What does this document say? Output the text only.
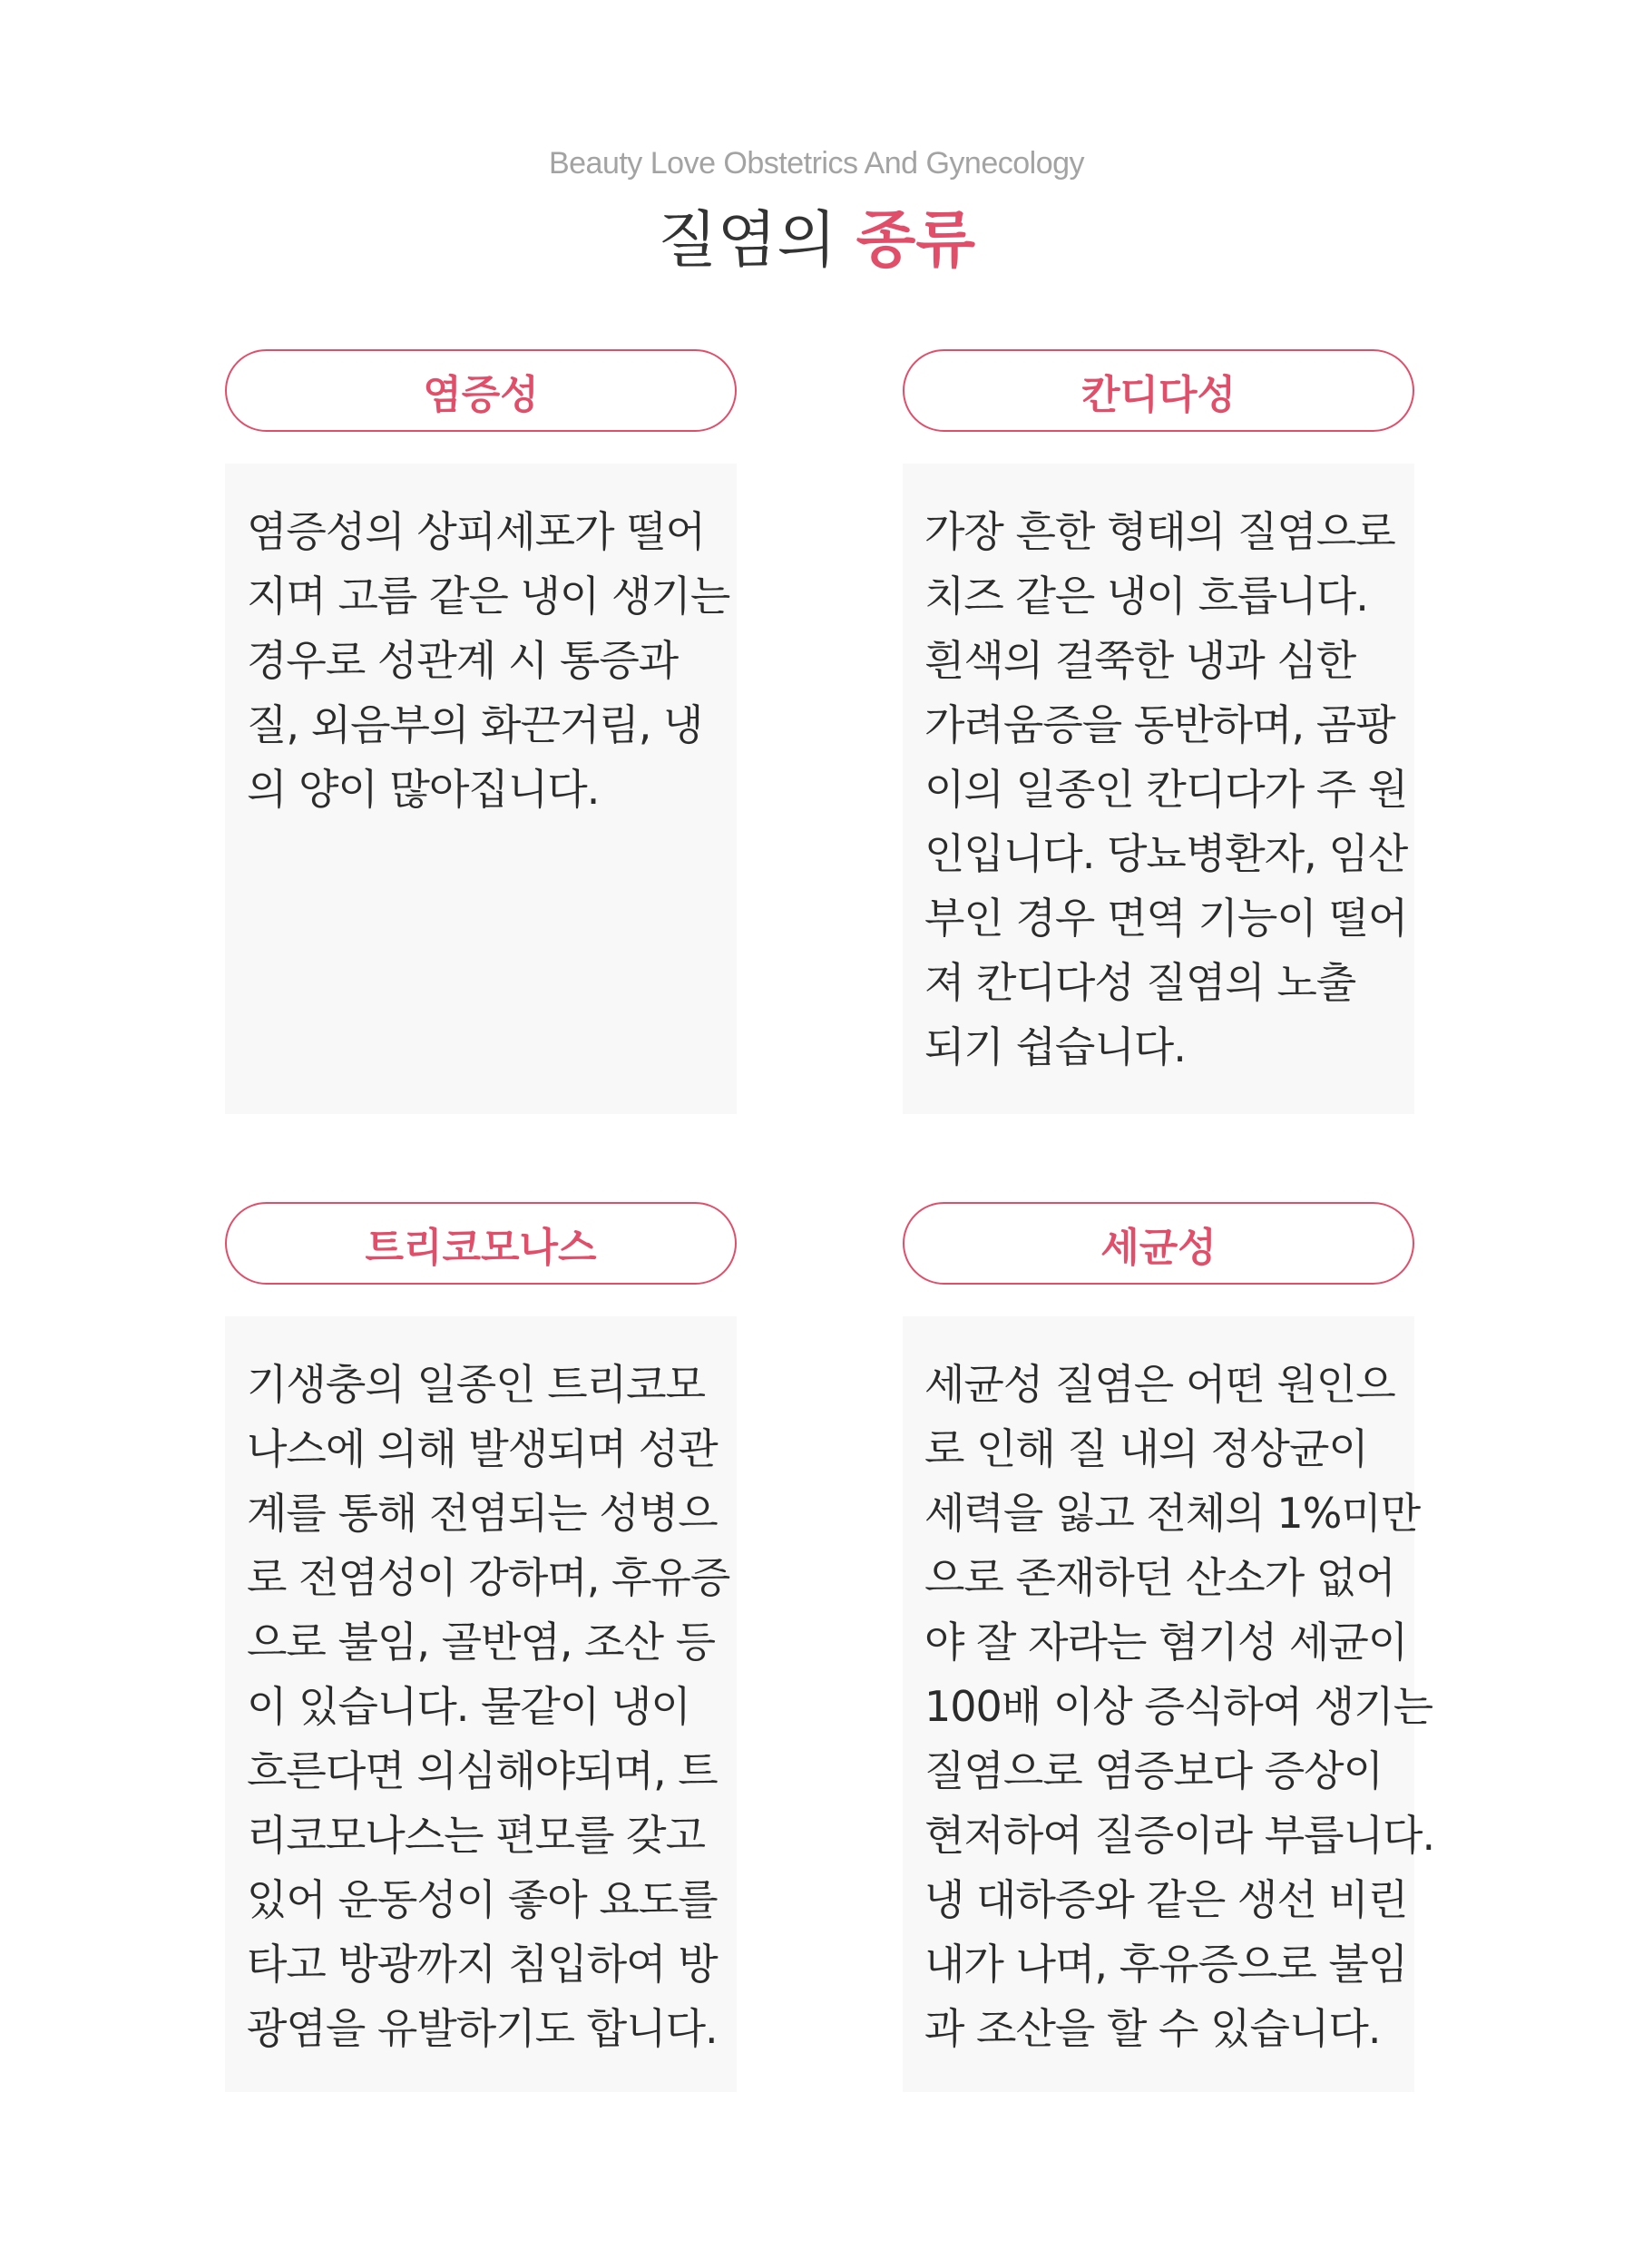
Beauty Love Obstetrics And Gynecology
질염의 종류
염증성
염증성의 상피세포가 떨어
지며 고름 같은 냉이 생기는
경우로 성관계 시 통증과
질, 외음부의 화끈거림, 냉
의 양이 많아집니다.
칸디다성
가장 흔한 형태의 질염으로
치즈 같은 냉이 흐릅니다.
흰색의 걸쭉한 냉과 심한
가려움증을 동반하며, 곰팡
이의 일종인 칸디다가 주 원
인입니다. 당뇨병환자, 임산
부인 경우 면역 기능이 떨어
져 칸디다성 질염의 노출
되기 쉽습니다.
트리코모나스
기생충의 일종인 트리코모
나스에 의해 발생되며 성관
계를 통해 전염되는 성병으
로 전염성이 강하며, 후유증
으로 불임, 골반염, 조산 등
이 있습니다. 물같이 냉이
흐른다면 의심해야되며, 트
리코모나스는 편모를 갖고
있어 운동성이 좋아 요도를
타고 방광까지 침입하여 방
광염을 유발하기도 합니다.
세균성
세균성 질염은 어떤 원인으
로 인해 질 내의 정상균이
세력을 잃고 전체의 1%미만
으로 존재하던 산소가 없어
야 잘 자라는 혐기성 세균이
100배 이상 증식하여 생기는
질염으로 염증보다 증상이
현저하여 질증이라 부릅니다.
냉 대하증와 같은 생선 비린
내가 나며, 후유증으로 불임
과 조산을 할 수 있습니다.
